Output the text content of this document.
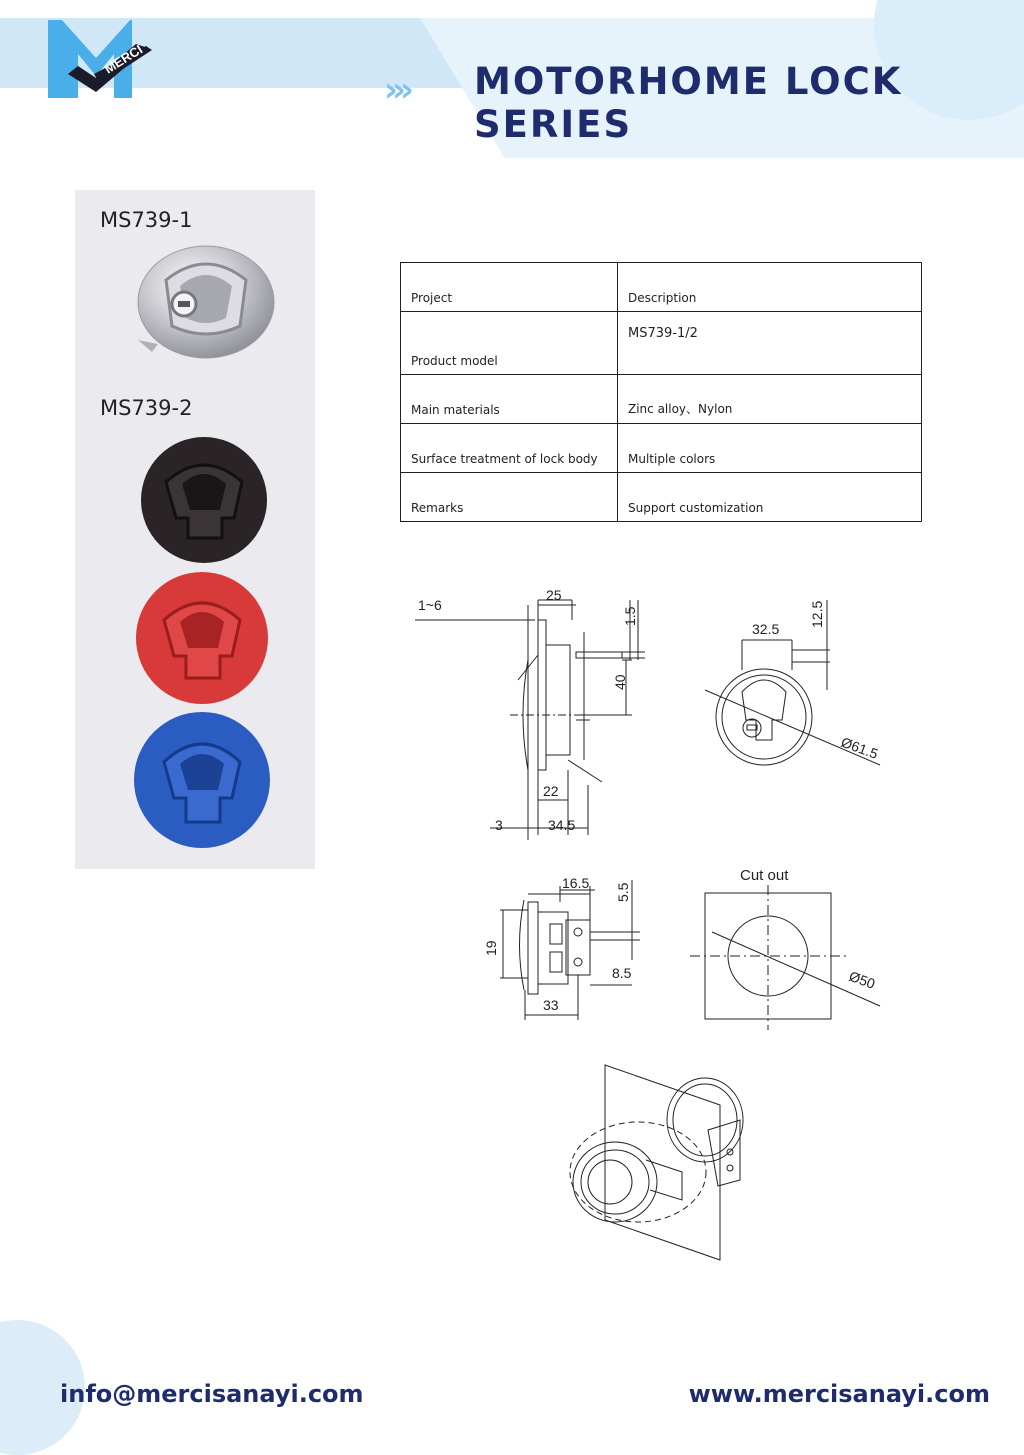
MERCI
››› MOTORHOME LOCK SERIES
MS739-1
MS739-2
Project	Description
Product model	MS739-1/2
Main materials	Zinc alloy、Nylon
Surface treatment of lock body	Multiple colors
Remarks	Support customization
1~6
25
40
1.5
22
3	34.5
32.5
12.5
Ø61.5
16.5 5.5
19
33
8.5
Cut out
Ø50
info@mercisanayi.com	www.mercisanayi.com
